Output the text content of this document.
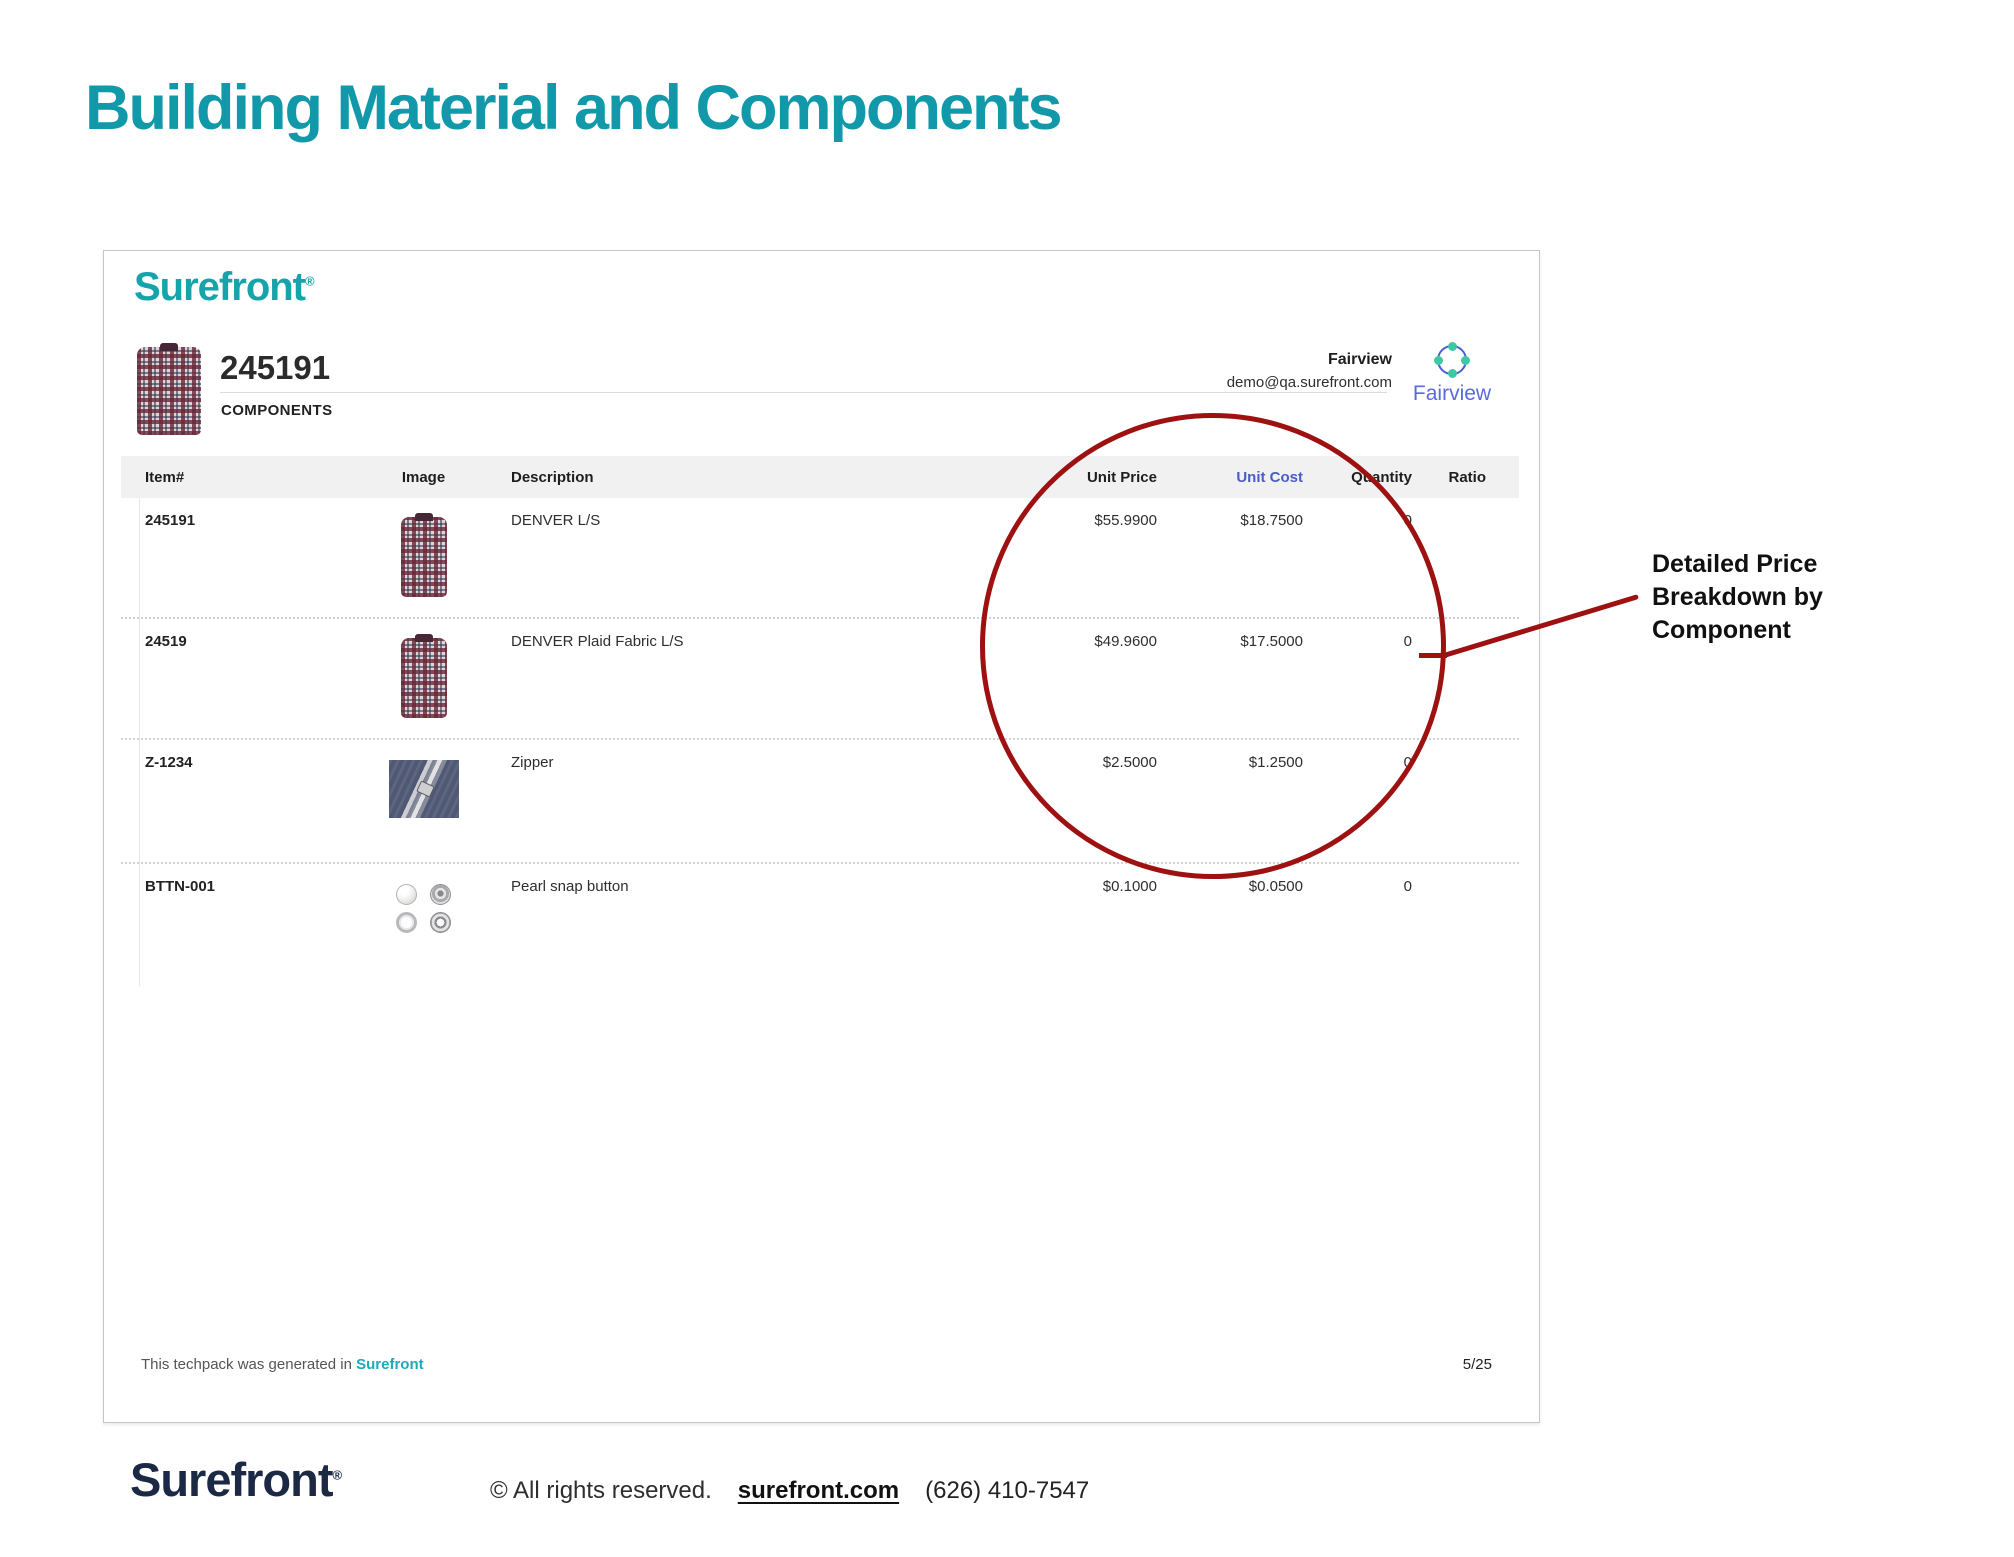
Building Material and Components
Surefront®
245191
COMPONENTS
Fairview
demo@qa.surefront.com Fairview
Item#	Image	Description	Unit Price	Unit Cost	Quantity	Ratio
245191	DENVER L/S	$55.9900	$18.7500	0
24519	DENVER Plaid Fabric L/S	$49.9600	$17.5000	0
Z-1234	Zipper	$2.5000	$1.2500	0
BTTN-001	Pearl snap button	$0.1000	$0.0500	0
This techpack was generated in Surefront	5/25
Detailed Price Breakdown by Component
Surefront®
© All rights reserved. surefront.com (626) 410-7547
